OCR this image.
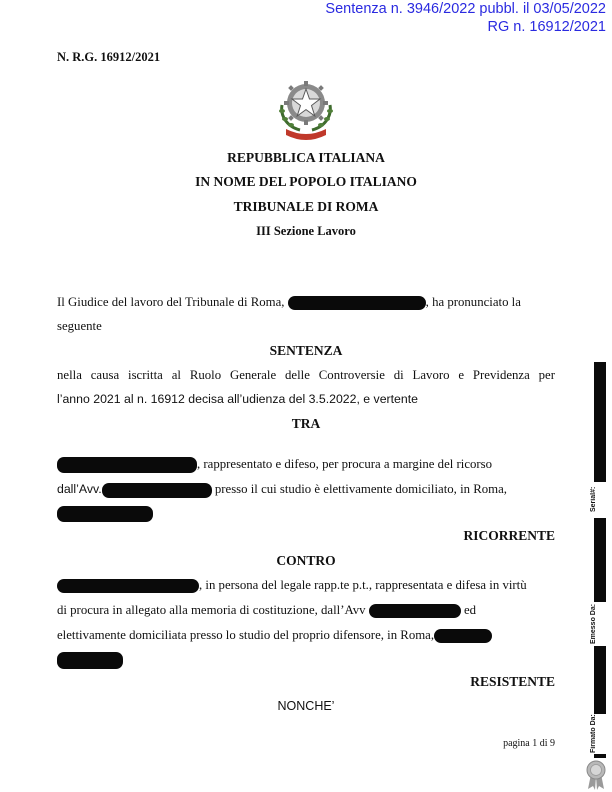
Sentenza n. 3946/2022 pubbl. il 03/05/2022
RG n. 16912/2021
N. R.G. 16912/2021
REPUBBLICA ITALIANA
IN NOME DEL POPOLO ITALIANO
TRIBUNALE DI ROMA
III Sezione Lavoro
Il Giudice del lavoro del Tribunale di Roma,	, ha pronunciato la
seguente
SENTENZA
nella causa iscritta al Ruolo Generale delle Controversie di Lavoro e Previdenza per
l’anno 2021 al n. 16912 decisa all’udienza del 3.5.2022, e vertente
TRA
, rappresentato e difeso, per procura a margine del ricorso
dall’Avv.	presso il cui studio è elettivamente domiciliato, in Roma,
RICORRENTE
CONTRO
, in persona del legale rapp.te p.t., rappresentata e difesa in virtù
di procura in allegato alla memoria di costituzione, dall’Avv	ed
elettivamente domiciliata presso lo studio del proprio difensore, in Roma,
RESISTENTE
NONCHE’
pagina 1 di 9
Serial#:
Emesso Da:
Firmato Da:
